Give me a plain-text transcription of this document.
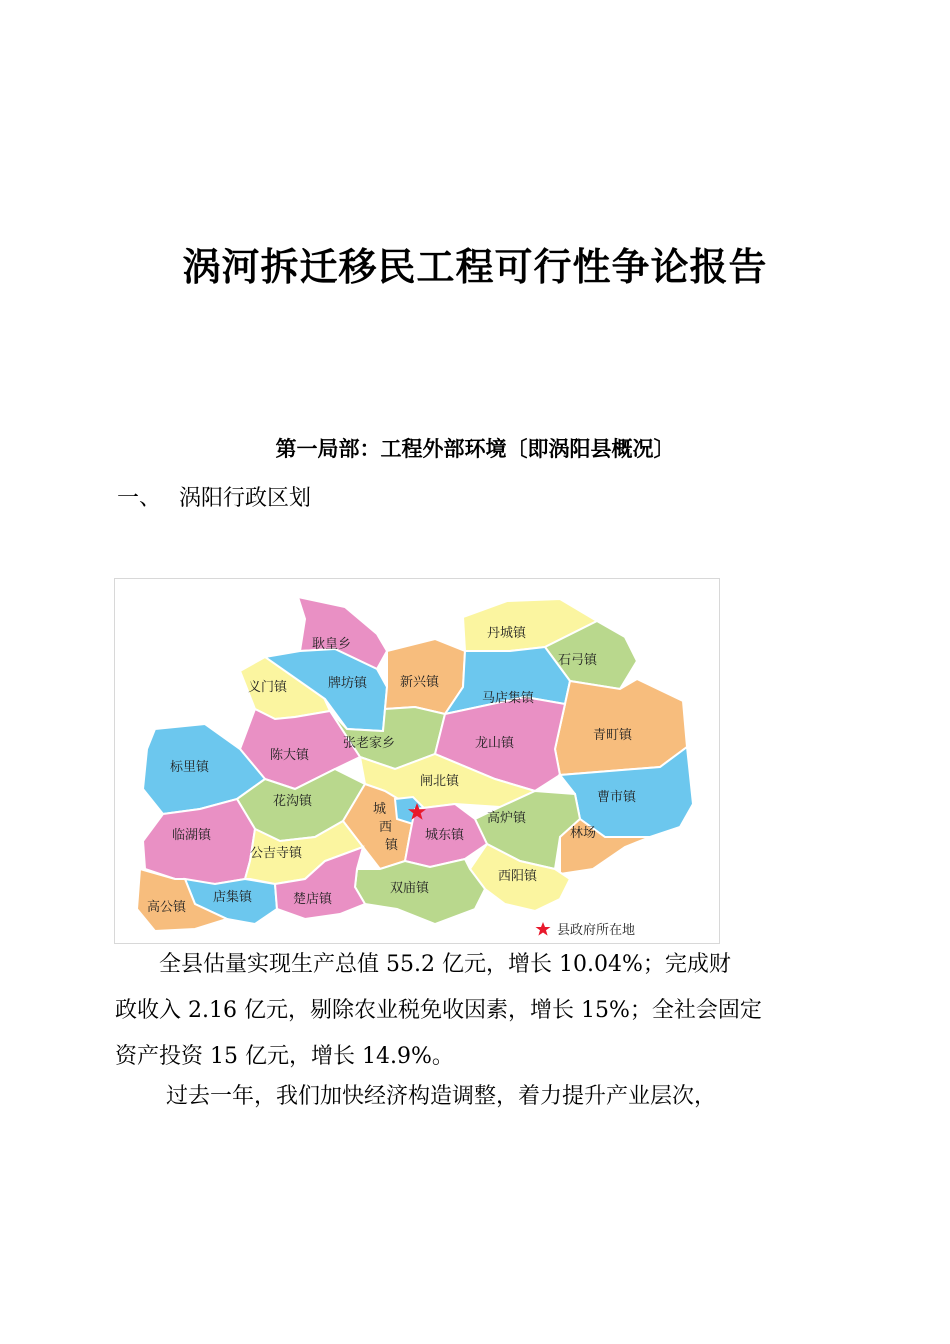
涡河拆迁移民工程可行性争论报告
第一局部：工程外部环境〔即涡阳县概况〕
一、 涡阳行政区划
耿皇乡
丹城镇
石弓镇
义门镇	牌坊镇	新兴镇
马店集镇
青町镇
张老家乡	龙山镇
陈大镇
标里镇
闸北镇
曹市镇
花沟镇
城
西
镇
高炉镇
林场
临湖镇
公吉寺镇
城东镇
西阳镇
双庙镇
店集镇	楚店镇
高公镇
县政府所在地
　　全县估量实现生产总值 55.2 亿元，增长 10.04%；完成财
政收入 2.16 亿元，剔除农业税免收因素，增长 15%；全社会固定
资产投资 15 亿元，增长 14.9%。
　　 过去一年，我们加快经济构造调整，着力提升产业层次，
